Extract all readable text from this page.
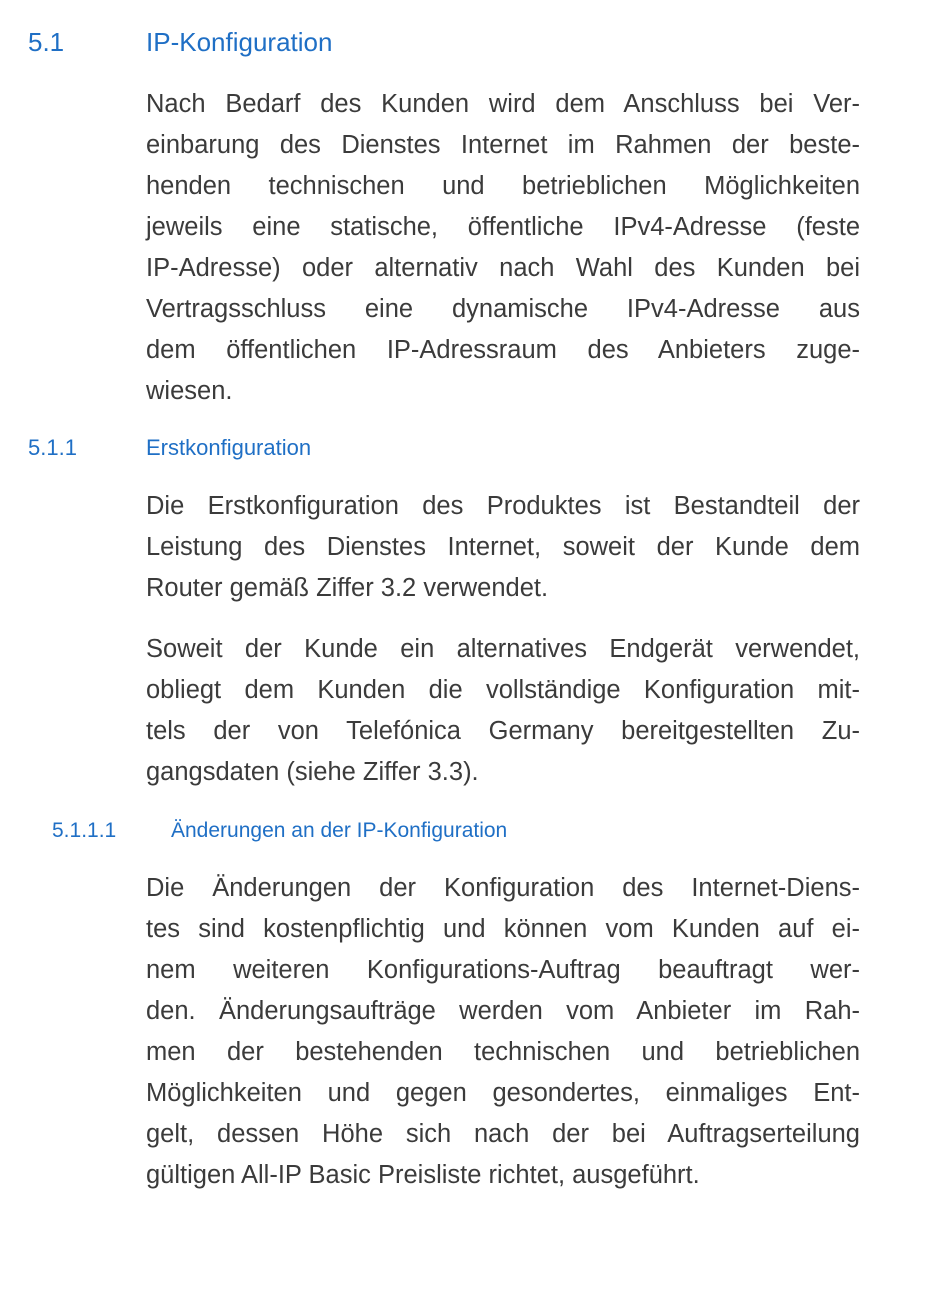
5.1	IP-Konfiguration
Nach Bedarf des Kunden wird dem Anschluss bei Ver-
einbarung des Dienstes Internet im Rahmen der beste-
henden technischen und betrieblichen Möglichkeiten
jeweils eine statische, öffentliche IPv4-Adresse (feste
IP-Adresse) oder alternativ nach Wahl des Kunden bei
Vertragsschluss eine dynamische IPv4-Adresse aus
dem öffentlichen IP-Adressraum des Anbieters zuge-
wiesen.
5.1.1	Erstkonfiguration
Die Erstkonfiguration des Produktes ist Bestandteil der
Leistung des Dienstes Internet, soweit der Kunde dem
Router gemäß Ziffer 3.2 verwendet.
Soweit der Kunde ein alternatives Endgerät verwendet,
obliegt dem Kunden die vollständige Konfiguration mit-
tels der von Telefónica Germany bereitgestellten Zu-
gangsdaten (siehe Ziffer 3.3).
5.1.1.1	Änderungen an der IP-Konfiguration
Die Änderungen der Konfiguration des Internet-Diens-
tes sind kostenpflichtig und können vom Kunden auf ei-
nem weiteren Konfigurations-Auftrag beauftragt wer-
den. Änderungsaufträge werden vom Anbieter im Rah-
men der bestehenden technischen und betrieblichen
Möglichkeiten und gegen gesondertes, einmaliges Ent-
gelt, dessen Höhe sich nach der bei Auftragserteilung
gültigen All-IP Basic Preisliste richtet, ausgeführt.
